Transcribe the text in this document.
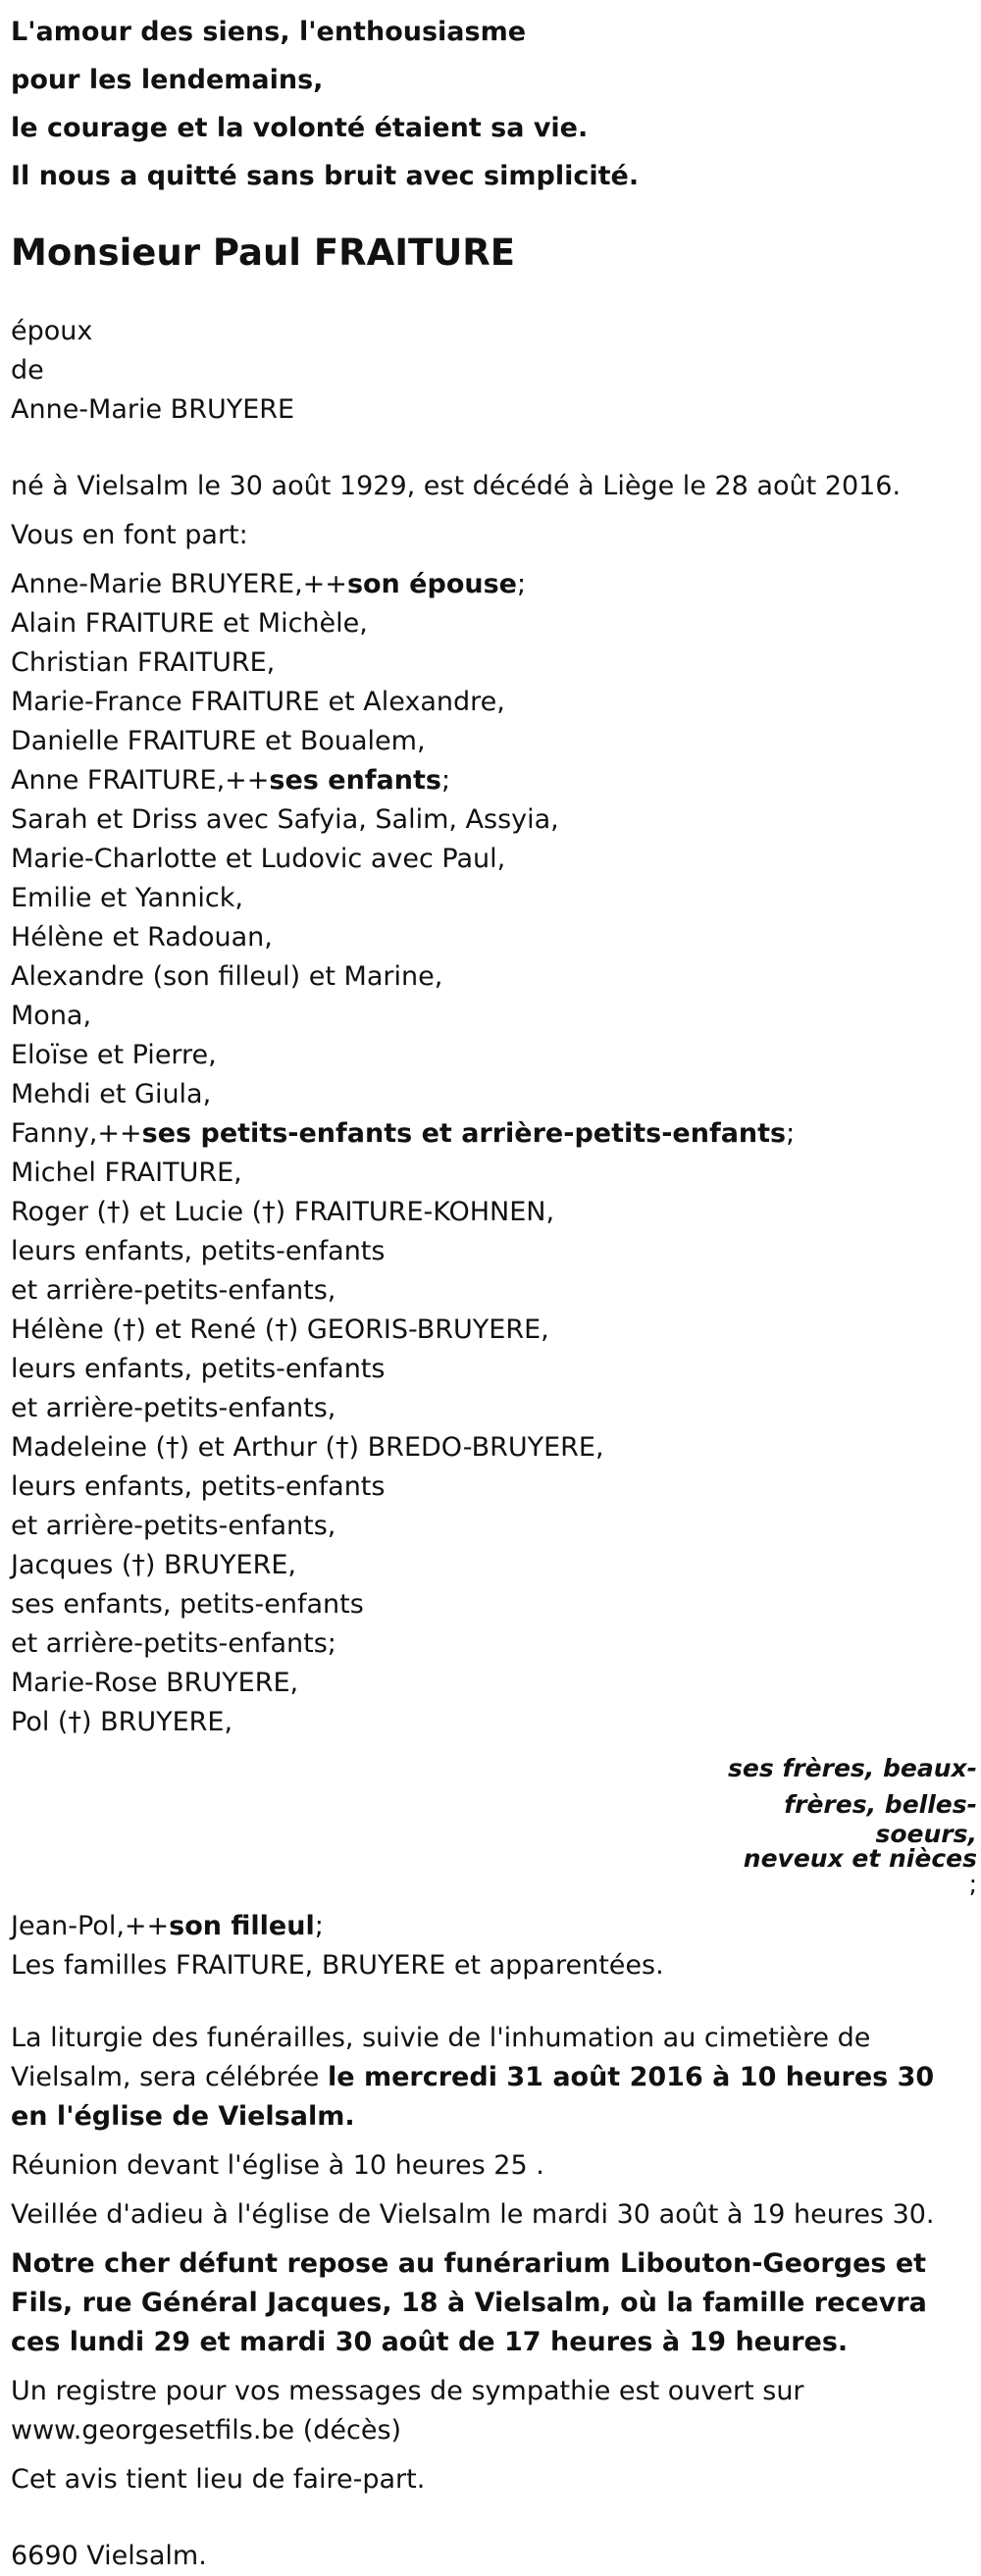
L'amour des siens, l'enthousiasme
pour les lendemains,
le courage et la volonté étaient sa vie.
Il nous a quitté sans bruit avec simplicité.
Monsieur Paul FRAITURE
époux
de
Anne-Marie BRUYERE
né à Vielsalm le 30 août 1929, est décédé à Liège le 28 août 2016.
Vous en font part:
Anne-Marie BRUYERE,++son épouse;
Alain FRAITURE et Michèle,
Christian FRAITURE,
Marie-France FRAITURE et Alexandre,
Danielle FRAITURE et Boualem,
Anne FRAITURE,++ses enfants;
Sarah et Driss avec Safyia, Salim, Assyia,
Marie-Charlotte et Ludovic avec Paul,
Emilie et Yannick,
Hélène et Radouan,
Alexandre (son filleul) et Marine,
Mona,
Eloïse et Pierre,
Mehdi et Giula,
Fanny,++ses petits-enfants et arrière-petits-enfants;
Michel FRAITURE,
Roger (†) et Lucie (†) FRAITURE-KOHNEN,
leurs enfants, petits-enfants
et arrière-petits-enfants,
Hélène (†) et René (†) GEORIS-BRUYERE,
leurs enfants, petits-enfants
et arrière-petits-enfants,
Madeleine (†) et Arthur (†) BREDO-BRUYERE,
leurs enfants, petits-enfants
et arrière-petits-enfants,
Jacques (†) BRUYERE,
ses enfants, petits-enfants
et arrière-petits-enfants;
Marie-Rose BRUYERE,
Pol (†) BRUYERE,
ses frères, beaux-
frères, belles-
soeurs,
neveux et nièces
;
Jean-Pol,++son filleul;
Les familles FRAITURE, BRUYERE et apparentées.
La liturgie des funérailles, suivie de l'inhumation au cimetière de Vielsalm, sera célébrée le mercredi 31 août 2016 à 10 heures 30 en l'église de Vielsalm.
Réunion devant l'église à 10 heures 25 .
Veillée d'adieu à l'église de Vielsalm le mardi 30 août à 19 heures 30.
Notre cher défunt repose au funérarium Libouton-Georges et Fils, rue Général Jacques, 18 à Vielsalm, où la famille recevra ces lundi 29 et mardi 30 août de 17 heures à 19 heures.
Un registre pour vos messages de sympathie est ouvert sur www.georgesetfils.be (décès)
Cet avis tient lieu de faire-part.
6690 Vielsalm.
